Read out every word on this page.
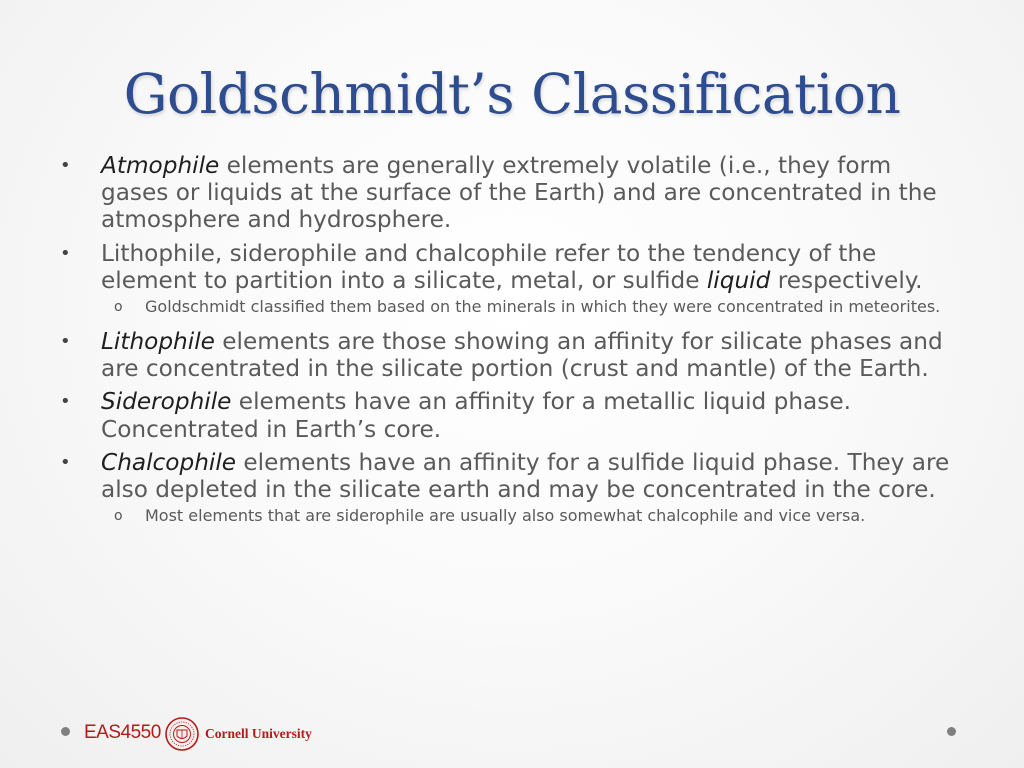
Goldschmidt’s Classification
• Atmophile elements are generally extremely volatile (i.e., they form gases or liquids at the surface of the Earth) and are concentrated in the atmosphere and hydrosphere.
• Lithophile, siderophile and chalcophile refer to the tendency of the element to partition into a silicate, metal, or sulfide liquid respectively.
o Goldschmidt classified them based on the minerals in which they were concentrated in meteorites.
• Lithophile elements are those showing an affinity for silicate phases and are concentrated in the silicate portion (crust and mantle) of the Earth.
• Siderophile elements have an affinity for a metallic liquid phase. Concentrated in Earth’s core.
• Chalcophile elements have an affinity for a sulfide liquid phase. They are also depleted in the silicate earth and may be concentrated in the core.
o Most elements that are siderophile are usually also somewhat chalcophile and vice versa.
EAS4550	Cornell University
